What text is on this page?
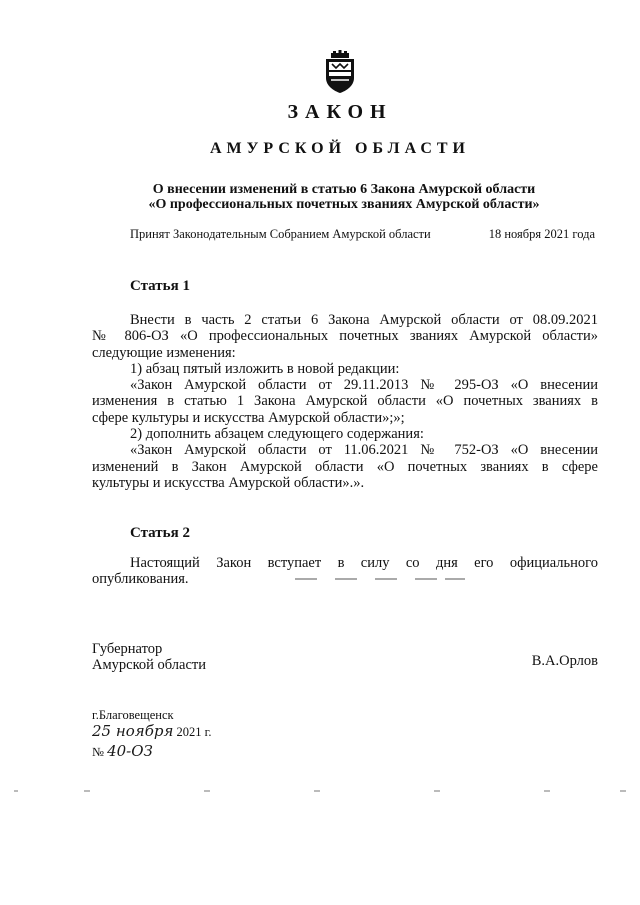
ЗАКОН
АМУРСКОЙ ОБЛАСТИ
О внесении изменений в статью 6 Закона Амурской области
«О профессиональных почетных званиях Амурской области»
Принят Законодательным Собранием Амурской области	18 ноября 2021 года
Статья 1
Внести в часть 2 статьи 6 Закона Амурской области от 08.09.2021
№ 806-ОЗ «О профессиональных почетных званиях Амурской области»
следующие изменения:
1) абзац пятый изложить в новой редакции:
«Закон Амурской области от 29.11.2013 № 295-ОЗ «О внесении
изменения в статью 1 Закона Амурской области «О почетных званиях в
сфере культуры и искусства Амурской области»;»;
2) дополнить абзацем следующего содержания:
«Закон Амурской области от 11.06.2021 № 752-ОЗ «О внесении
изменений в Закон Амурской области «О почетных званиях в сфере
культуры и искусства Амурской области».».
Статья 2
Настоящий Закон вступает в силу со дня его официального
опубликования.
Губернатор
Амурской области	В.А.Орлов
г.Благовещенск
25 ноября 2021 г.
№ 40-ОЗ
